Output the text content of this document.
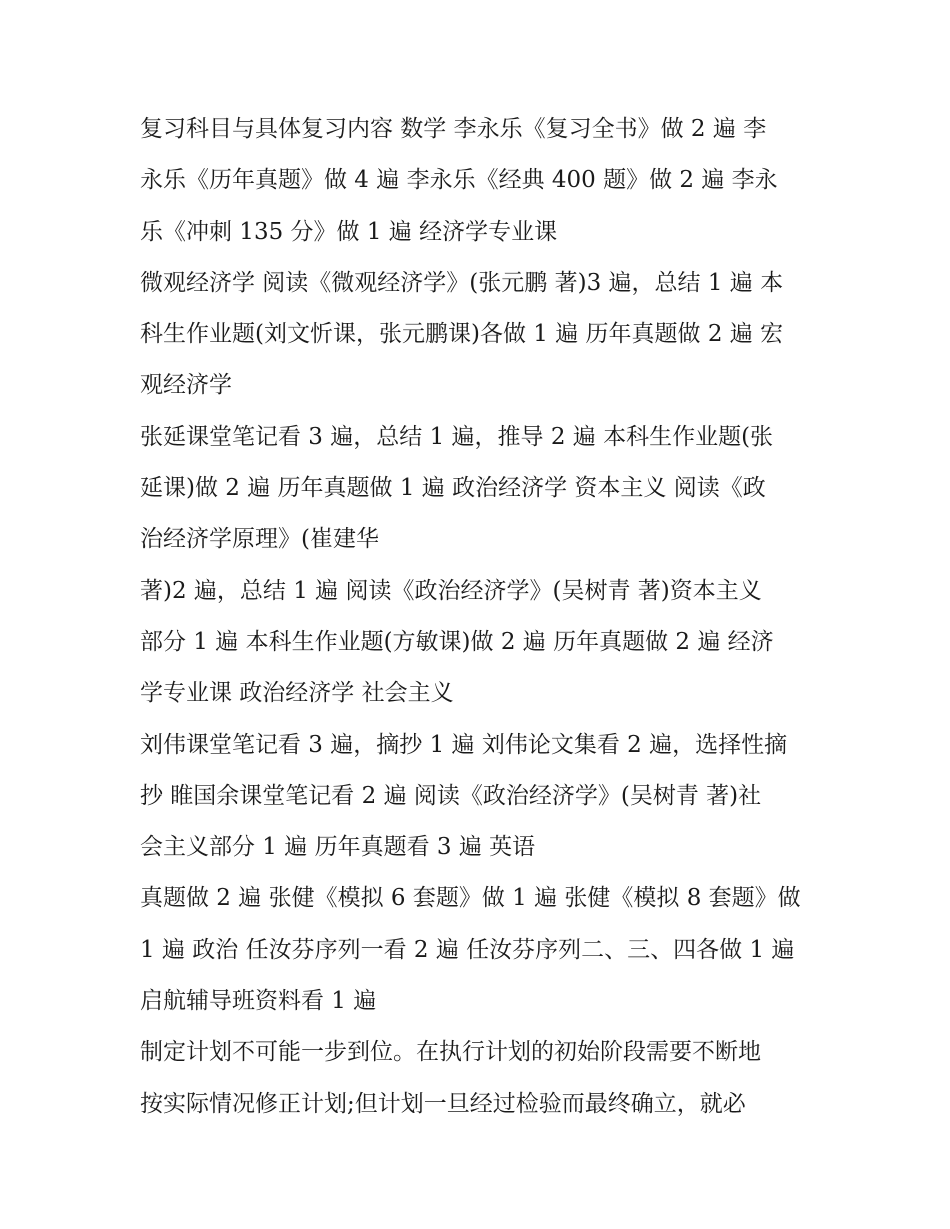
复习科目与具体复习内容 数学 李永乐《复习全书》做 2 遍 李
永乐《历年真题》做 4 遍 李永乐《经典 400 题》做 2 遍 李永
乐《冲刺 135 分》做 1 遍 经济学专业课
微观经济学 阅读《微观经济学》(张元鹏 著)3 遍，总结 1 遍 本
科生作业题(刘文忻课，张元鹏课)各做 1 遍 历年真题做 2 遍 宏
观经济学
张延课堂笔记看 3 遍，总结 1 遍，推导 2 遍 本科生作业题(张
延课)做 2 遍 历年真题做 1 遍 政治经济学 资本主义 阅读《政
治经济学原理》(崔建华
著)2 遍，总结 1 遍 阅读《政治经济学》(吴树青 著)资本主义
部分 1 遍 本科生作业题(方敏课)做 2 遍 历年真题做 2 遍 经济
学专业课 政治经济学 社会主义
刘伟课堂笔记看 3 遍，摘抄 1 遍 刘伟论文集看 2 遍，选择性摘
抄 睢国余课堂笔记看 2 遍 阅读《政治经济学》(吴树青 著)社
会主义部分 1 遍 历年真题看 3 遍 英语
真题做 2 遍 张健《模拟 6 套题》做 1 遍 张健《模拟 8 套题》做
1 遍 政治 任汝芬序列一看 2 遍 任汝芬序列二、三、四各做 1 遍
启航辅导班资料看 1 遍
制定计划不可能一步到位。在执行计划的初始阶段需要不断地
按实际情况修正计划;但计划一旦经过检验而最终确立，就必
